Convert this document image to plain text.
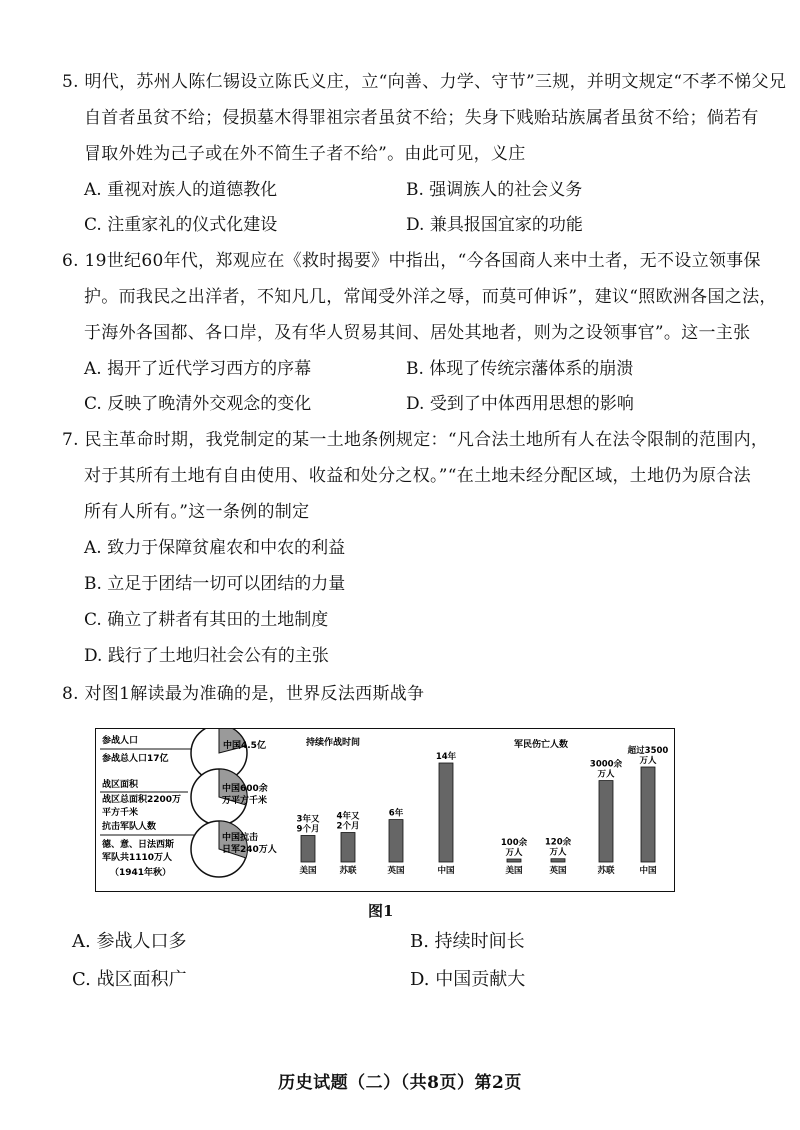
5. 明代，苏州人陈仁锡设立陈氏义庄，立“向善、力学、守节”三规，并明文规定“不孝不悌父兄
自首者虽贫不给；侵损墓木得罪祖宗者虽贫不给；失身下贱贻玷族属者虽贫不给；倘若有
冒取外姓为己子或在外不简生子者不给”。由此可见，义庄
A. 重视对族人的道德教化	B. 强调族人的社会义务
C. 注重家礼的仪式化建设	D. 兼具报国宜家的功能
6. 19世纪60年代，郑观应在《救时揭要》中指出，“今各国商人来中土者，无不设立领事保
护。而我民之出洋者，不知凡几，常闻受外洋之辱，而莫可伸诉”，建议“照欧洲各国之法，
于海外各国都、各口岸，及有华人贸易其间、居处其地者，则为之设领事官”。这一主张
A. 揭开了近代学习西方的序幕	B. 体现了传统宗藩体系的崩溃
C. 反映了晚清外交观念的变化	D. 受到了中体西用思想的影响
7. 民主革命时期，我党制定的某一土地条例规定：“凡合法土地所有人在法令限制的范围内，
对于其所有土地有自由使用、收益和处分之权。”“在土地未经分配区域，土地仍为原合法
所有人所有。”这一条例的制定
A. 致力于保障贫雇农和中农的利益
B. 立足于团结一切可以团结的力量
C. 确立了耕者有其田的土地制度
D. 践行了土地归社会公有的主张
8. 对图1解读最为准确的是，世界反法西斯战争
参战人口
参战总人口17亿
中国4.5亿
战区面积
战区总面积2200万
平方千米
中国600余
万平方千米
抗击军队人数
德、意、日法西斯
军队共1110万人
（1941年秋）
中国抗击
日军240万人
持续作战时间
3年又
9个月
美国
4年又
2个月
苏联
6年
英国
14年
中国
军民伤亡人数
100余
万人
美国
120余
万人
英国
3000余
万人
苏联
超过3500
万人
中国
图1
A. 参战人口多	B. 持续时间长
C. 战区面积广	D. 中国贡献大
历史试题（二）（共8页）第2页
